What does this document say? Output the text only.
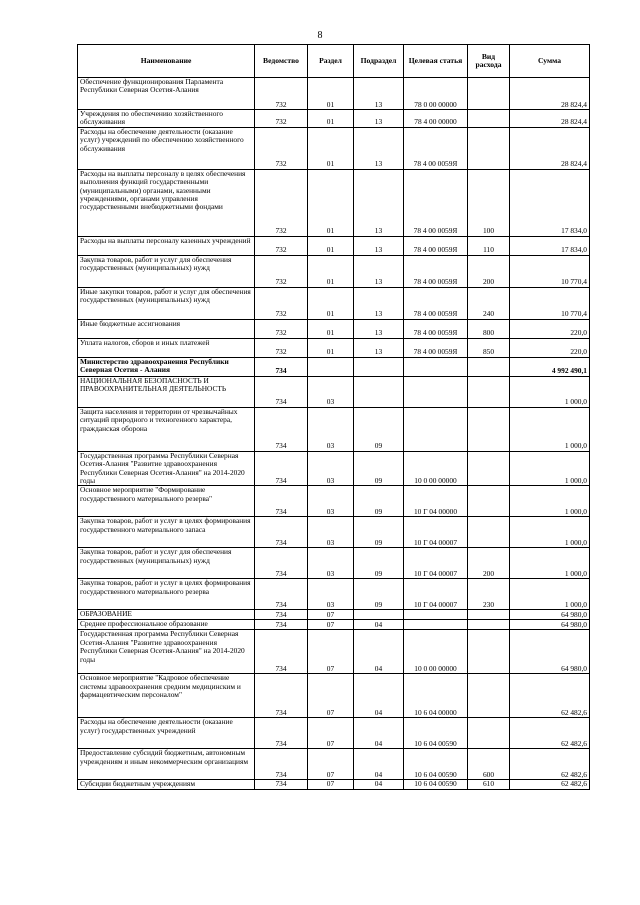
8
Наименование	Ведомство	Раздел	Подраздел	Целевая статья	Вид расхода	Сумма
Обеспечение функционирования Парламента Республики Северная Осетия-Алания	732	01	13	78 0 00 00000		28 824,4
Учреждения по обеспечению хозяйственного обслуживания	732	01	13	78 4 00 00000		28 824,4
Расходы на обеспечение деятельности (оказание услуг) учреждений по обеспечению хозяйственного обслуживания	732	01	13	78 4 00 0059Я		28 824,4
Расходы на выплаты персоналу в целях обеспечения выполнения функций государственными (муниципальными) органами, казенными учреждениями, органами управления государственными внебюджетными фондами	732	01	13	78 4 00 0059Я	100	17 834,0
Расходы на выплаты персоналу казенных учреждений	732	01	13	78 4 00 0059Я	110	17 834,0
Закупка товаров, работ и услуг для обеспечения государственных (муниципальных) нужд	732	01	13	78 4 00 0059Я	200	10 770,4
Иные закупки товаров, работ и услуг для обеспечения государственных (муниципальных) нужд	732	01	13	78 4 00 0059Я	240	10 770,4
Иные бюджетные ассигнования	732	01	13	78 4 00 0059Я	800	220,0
Уплата налогов, сборов и иных платежей	732	01	13	78 4 00 0059Я	850	220,0
Министерство здравоохранения Республики Северная Осетия - Алания	734					4 992 490,1
НАЦИОНАЛЬНАЯ БЕЗОПАСНОСТЬ И ПРАВООХРАНИТЕЛЬНАЯ ДЕЯТЕЛЬНОСТЬ	734	03				1 000,0
Защита населения и территории от чрезвычайных ситуаций природного и техногенного характера, гражданская оборона	734	03	09			1 000,0
Государственная программа Республики Северная Осетия-Алания "Развитие здравоохранения Республики Северная Осетия-Алания" на 2014-2020 годы	734	03	09	10 0 00 00000		1 000,0
Основное мероприятие "Формирование государственного материального резерва"	734	03	09	10 Г 04 00000		1 000,0
Закупка товаров, работ и услуг в целях формирования государственного материального запаса	734	03	09	10 Г 04 00007		1 000,0
Закупка товаров, работ и услуг для обеспечения государственных (муниципальных) нужд	734	03	09	10 Г 04 00007	200	1 000,0
Закупка товаров, работ и услуг в целях формирования государственного материального резерва	734	03	09	10 Г 04 00007	230	1 000,0
ОБРАЗОВАНИЕ	734	07				64 980,0
Среднее профессиональное образование	734	07	04			64 980,0
Государственная программа Республики Северная Осетия-Алания "Развитие здравоохранения Республики Северная Осетия-Алания" на 2014-2020 годы	734	07	04	10 0 00 00000		64 980,0
Основное мероприятие "Кадровое обеспечение системы здравоохранения средним медицинским и фармацевтическим персоналом"	734	07	04	10 6 04 00000		62 482,6
Расходы на обеспечение деятельности (оказание услуг) государственных учреждений	734	07	04	10 6 04 00590		62 482,6
Предоставление субсидий бюджетным, автономным учреждениям и иным некоммерческим организациям	734	07	04	10 6 04 00590	600	62 482,6
Субсидии бюджетным учреждениям	734	07	04	10 6 04 00590	610	62 482,6
